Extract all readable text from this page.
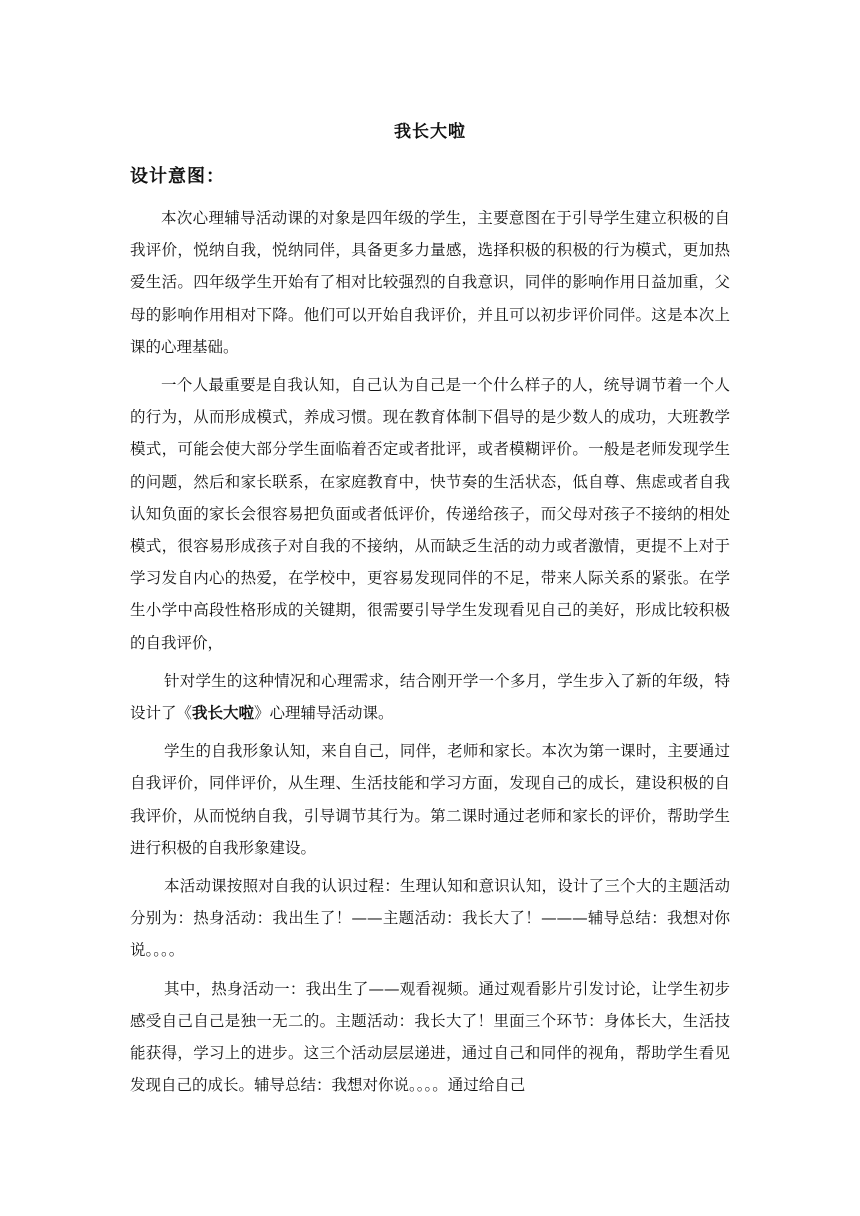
我长大啦
设计意图：

本次心理辅导活动课的对象是四年级的学生，主要意图在于引导学生建立积极的自我评价，悦纳自我，悦纳同伴，具备更多力量感，选择积极的积极的行为模式，更加热爱生活。四年级学生开始有了相对比较强烈的自我意识，同伴的影响作用日益加重，父母的影响作用相对下降。他们可以开始自我评价，并且可以初步评价同伴。这是本次上课的心理基础。

一个人最重要是自我认知，自己认为自己是一个什么样子的人，统导调节着一个人的行为，从而形成模式，养成习惯。现在教育体制下倡导的是少数人的成功，大班教学模式，可能会使大部分学生面临着否定或者批评，或者模糊评价。一般是老师发现学生的问题，然后和家长联系，在家庭教育中，快节奏的生活状态，低自尊、焦虑或者自我认知负面的家长会很容易把负面或者低评价，传递给孩子，而父母对孩子不接纳的相处模式，很容易形成孩子对自我的不接纳，从而缺乏生活的动力或者激情，更提不上对于学习发自内心的热爱，在学校中，更容易发现同伴的不足，带来人际关系的紧张。在学生小学中高段性格形成的关键期，很需要引导学生发现看见自己的美好，形成比较积极的自我评价，

针对学生的这种情况和心理需求，结合刚开学一个多月，学生步入了新的年级，特设计了《我长大啦》心理辅导活动课。

学生的自我形象认知，来自自己，同伴，老师和家长。本次为第一课时，主要通过自我评价，同伴评价，从生理、生活技能和学习方面，发现自己的成长，建设积极的自我评价，从而悦纳自我，引导调节其行为。第二课时通过老师和家长的评价，帮助学生进行积极的自我形象建设。

本活动课按照对自我的认识过程：生理认知和意识认知，设计了三个大的主题活动分别为：热身活动：我出生了！——主题活动：我长大了！———辅导总结：我想对你说。。。。

其中，热身活动一：我出生了——观看视频。通过观看影片引发讨论，让学生初步感受自己自己是独一无二的。主题活动：我长大了！里面三个环节：身体长大，生活技能获得，学习上的进步。这三个活动层层递进，通过自己和同伴的视角，帮助学生看见发现自己的成长。辅导总结：我想对你说。。。。通过给自己
